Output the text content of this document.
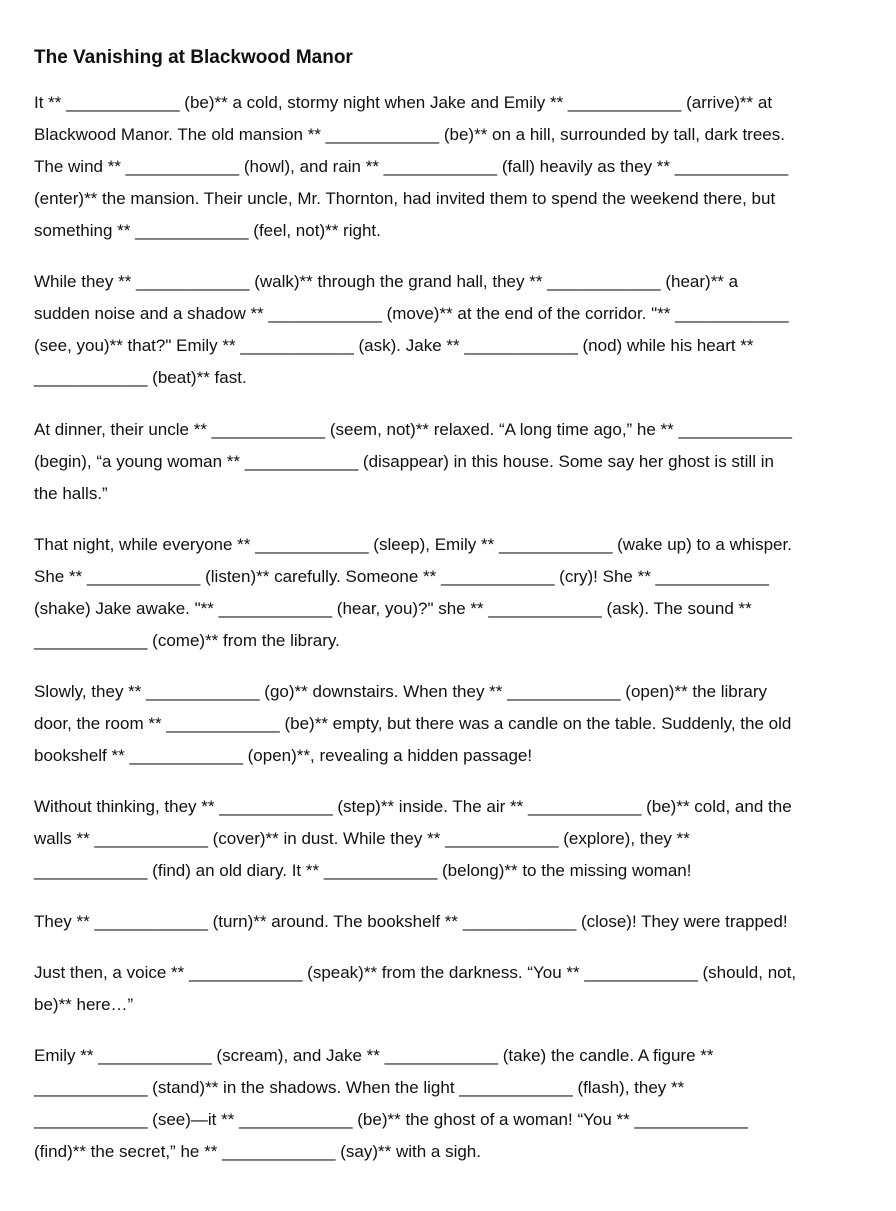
The Vanishing at Blackwood Manor
It ** ____________ (be)** a cold, stormy night when Jake and Emily ** ____________ (arrive)** at
Blackwood Manor. The old mansion ** ____________ (be)** on a hill, surrounded by tall, dark trees.
The wind ** ____________ (howl), and rain ** ____________ (fall) heavily as they ** ____________
(enter)** the mansion. Their uncle, Mr. Thornton, had invited them to spend the weekend there, but
something ** ____________ (feel, not)** right.
While they ** ____________ (walk)** through the grand hall, they ** ____________ (hear)** a
sudden noise and a shadow ** ____________ (move)** at the end of the corridor. "** ____________
(see, you)** that?" Emily ** ____________ (ask). Jake ** ____________ (nod) while his heart **
____________ (beat)** fast.
At dinner, their uncle ** ____________ (seem, not)** relaxed. “A long time ago,” he ** ____________
(begin), “a young woman ** ____________ (disappear) in this house. Some say her ghost is still in
the halls.”
That night, while everyone ** ____________ (sleep), Emily ** ____________ (wake up) to a whisper.
She ** ____________ (listen)** carefully. Someone ** ____________ (cry)! She ** ____________
(shake) Jake awake. "** ____________ (hear, you)?" she ** ____________ (ask). The sound **
____________ (come)** from the library.
Slowly, they ** ____________ (go)** downstairs. When they ** ____________ (open)** the library
door, the room ** ____________ (be)** empty, but there was a candle on the table. Suddenly, the old
bookshelf ** ____________ (open)**, revealing a hidden passage!
Without thinking, they ** ____________ (step)** inside. The air ** ____________ (be)** cold, and the
walls ** ____________ (cover)** in dust. While they ** ____________ (explore), they **
____________ (find) an old diary. It ** ____________ (belong)** to the missing woman!
They ** ____________ (turn)** around. The bookshelf ** ____________ (close)! They were trapped!
Just then, a voice ** ____________ (speak)** from the darkness. “You ** ____________ (should, not,
be)** here…”
Emily ** ____________ (scream), and Jake ** ____________ (take) the candle. A figure **
____________ (stand)** in the shadows. When the light ____________ (flash), they **
____________ (see)—it ** ____________ (be)** the ghost of a woman! “You ** ____________
(find)** the secret,” he ** ____________ (say)** with a sigh.
